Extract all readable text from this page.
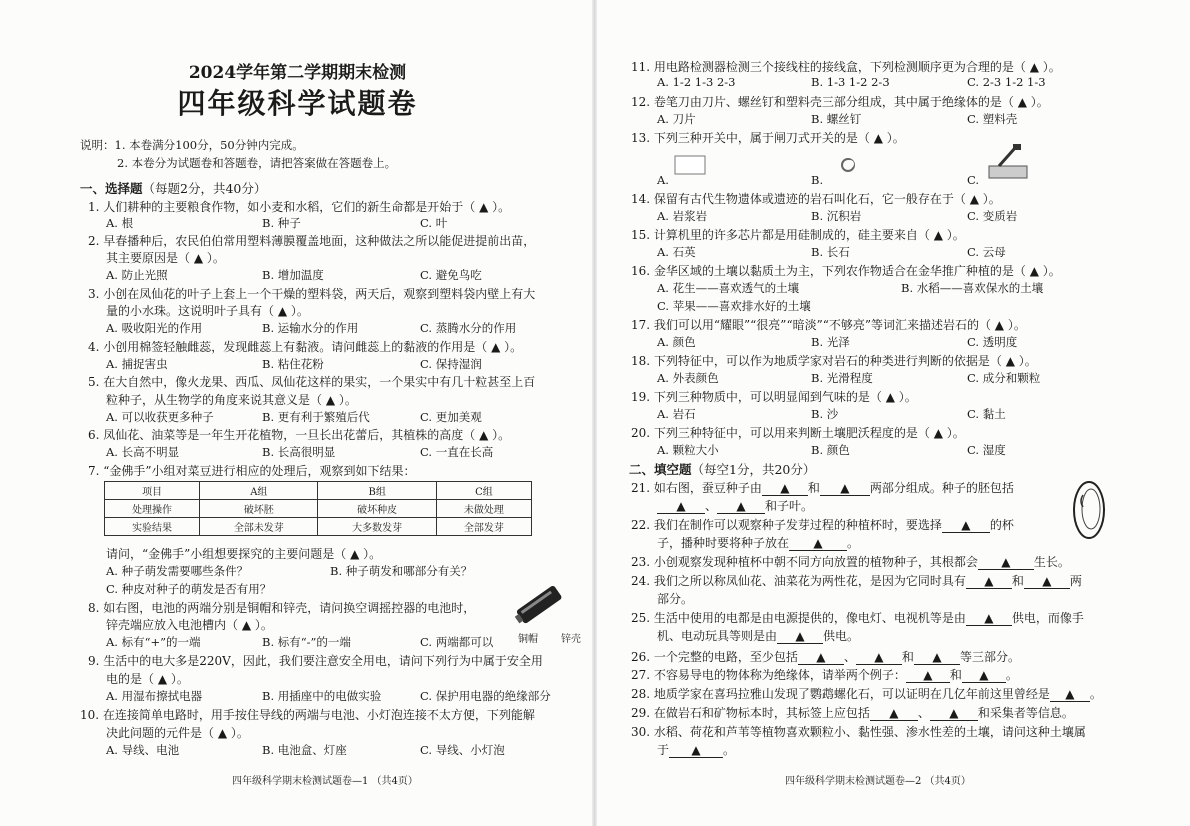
2024学年第二学期期末检测
四年级科学试题卷
说明：1. 本卷满分100分，50分钟内完成。
2. 本卷分为试题卷和答题卷，请把答案做在答题卷上。
一、选择题（每题2分，共40分）
1. 人们耕种的主要粮食作物，如小麦和水稻，它们的新生命都是开始于（ ▲ ）。
A. 根	B. 种子	C. 叶
2. 早春播种后，农民伯伯常用塑料薄膜覆盖地面，这种做法之所以能促进提前出苗，
其主要原因是（ ▲ ）。
A. 防止光照	B. 增加温度	C. 避免鸟吃
3. 小创在凤仙花的叶子上套上一个干燥的塑料袋，两天后，观察到塑料袋内壁上有大
量的小水珠。这说明叶子具有（ ▲ ）。
A. 吸收阳光的作用	B. 运输水分的作用	C. 蒸腾水分的作用
4. 小创用棉签轻触雌蕊，发现雌蕊上有黏液。请问雌蕊上的黏液的作用是（ ▲ ）。
A. 捕捉害虫	B. 粘住花粉	C. 保持湿润
5. 在大自然中，像火龙果、西瓜、凤仙花这样的果实，一个果实中有几十粒甚至上百
粒种子，从生物学的角度来说其意义是（ ▲ ）。
A. 可以收获更多种子	B. 更有利于繁殖后代	C. 更加美观
6. 凤仙花、油菜等是一年生开花植物，一旦长出花蕾后，其植株的高度（ ▲ ）。
A. 长高不明显	B. 长高很明显	C. 一直在长高
7. “金佛手”小组对菜豆进行相应的处理后，观察到如下结果：
项目	A组	B组	C组
处理操作	破坏胚	破坏种皮	未做处理
实验结果	全部未发芽	大多数发芽	全部发芽
请问，“金佛手”小组想要探究的主要问题是（ ▲ ）。
A. 种子萌发需要哪些条件？	B. 种子萌发和哪部分有关？
C. 种皮对种子的萌发是否有用？
8. 如右图，电池的两端分别是铜帽和锌壳，请问换空调摇控器的电池时，
锌壳端应放入电池槽内（ ▲ ）。
A. 标有“+”的一端	B. 标有“-”的一端	C. 两端都可以 铜帽 锌壳
9. 生活中的电大多是220V，因此，我们要注意安全用电，请问下列行为中属于安全用
电的是（ ▲ ）。
A. 用湿布擦拭电器	B. 用插座中的电做实验	C. 保护用电器的绝缘部分
10. 在连接简单电路时，用手按住导线的两端与电池、小灯泡连接不太方便，下列能解
决此问题的元件是（ ▲ ）。
A. 导线、电池	B. 电池盒、灯座	C. 导线、小灯泡
四年级科学期末检测试题卷—1 （共4页）
11. 用电路检测器检测三个接线柱的接线盒，下列检测顺序更为合理的是（ ▲ ）。
A. 1-2 1-3 2-3	B. 1-3 1-2 2-3	C. 2-3 1-2 1-3
12. 卷笔刀由刀片、螺丝钉和塑料壳三部分组成，其中属于绝缘体的是（ ▲ ）。
A. 刀片	B. 螺丝钉	C. 塑料壳
13. 下列三种开关中，属于闸刀式开关的是（ ▲ ）。
A.	B.	C.
14. 保留有古代生物遗体或遗迹的岩石叫化石，它一般存在于（ ▲ ）。
A. 岩浆岩	B. 沉积岩	C. 变质岩
15. 计算机里的许多芯片都是用硅制成的，硅主要来自（ ▲ ）。
A. 石英	B. 长石	C. 云母
16. 金华区域的土壤以黏质土为主，下列农作物适合在金华推广种植的是（ ▲ ）。
A. 花生——喜欢透气的土壤	B. 水稻——喜欢保水的土壤
C. 苹果——喜欢排水好的土壤
17. 我们可以用“耀眼”“很亮”“暗淡”“不够亮”等词汇来描述岩石的（ ▲ ）。
A. 颜色	B. 光泽	C. 透明度
18. 下列特征中，可以作为地质学家对岩石的种类进行判断的依据是（ ▲ ）。
A. 外表颜色	B. 光滑程度	C. 成分和颗粒
19. 下列三种物质中，可以明显闻到气味的是（ ▲ ）。
A. 岩石	B. 沙	C. 黏土
20. 下列三种特征中，可以用来判断土壤肥沃程度的是（ ▲ ）。
A. 颗粒大小	B. 颜色	C. 湿度
二、填空题（每空1分，共20分）
21. 如右图，蚕豆种子由 ▲ 和 ▲ 两部分组成。种子的胚包括
▲ 、 ▲ 和子叶。
22. 我们在制作可以观察种子发芽过程的种植杯时，要选择 ▲ 的杯
子，播种时要将种子放在 ▲ 。
23. 小创观察发现种植杯中朝不同方向放置的植物种子，其根都会 ▲ 生长。
24. 我们之所以称凤仙花、油菜花为两性花，是因为它同时具有 ▲ 和 ▲ 两
部分。
25. 生活中使用的电都是由电源提供的，像电灯、电视机等是由 ▲ 供电，而像手
机、电动玩具等则是由 ▲ 供电。
26. 一个完整的电路，至少包括 ▲ 、 ▲ 和 ▲ 等三部分。
27. 不容易导电的物体称为绝缘体，请举两个例子： ▲ 和 ▲ 。
28. 地质学家在喜玛拉雅山发现了鹦鹉螺化石，可以证明在几亿年前这里曾经是 ▲ 。
29. 在做岩石和矿物标本时，其标签上应包括 ▲ 、 ▲ 和采集者等信息。
30. 水稻、荷花和芦苇等植物喜欢颗粒小、黏性强、渗水性差的土壤，请问这种土壤属
于 ▲ 。
四年级科学期末检测试题卷—2 （共4页）
